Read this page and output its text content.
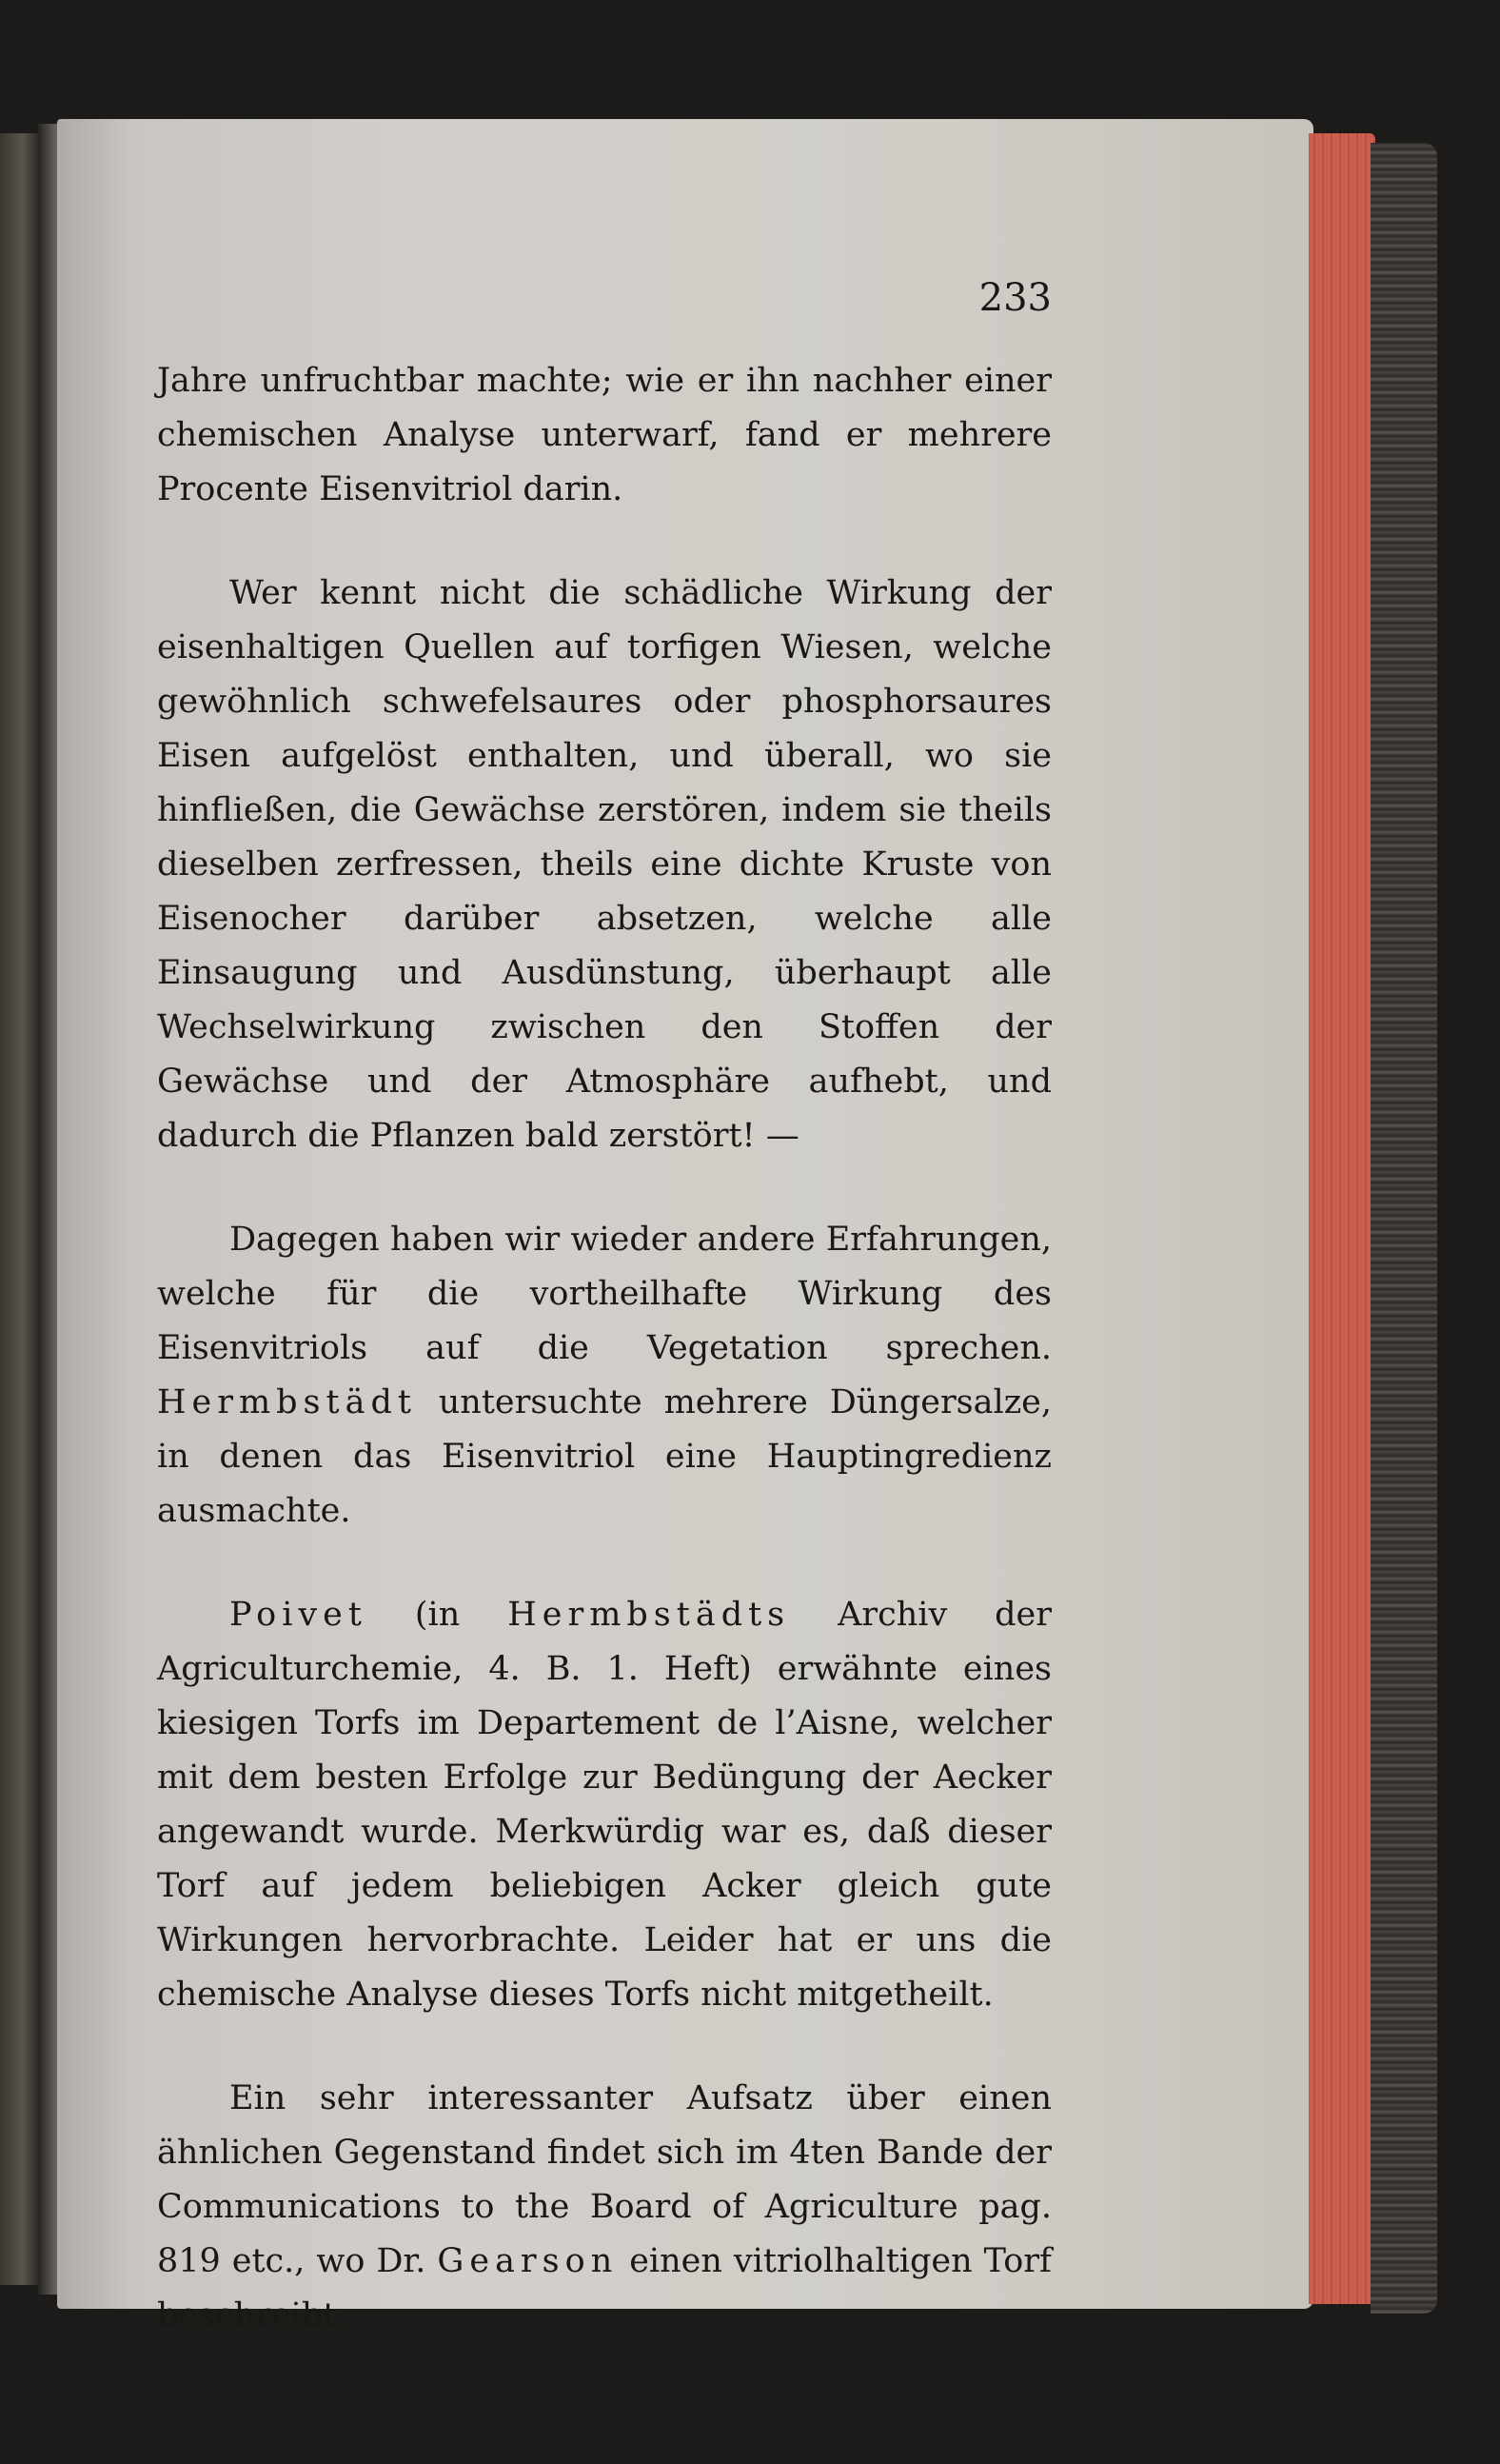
233

Jahre unfruchtbar machte; wie er ihn nachher einer chemischen Analyse unterwarf, fand er mehrere Procente Eisenvitriol darin.

Wer kennt nicht die schädliche Wirkung der eisenhaltigen Quellen auf torfigen Wiesen, welche gewöhnlich schwefelsaures oder phosphorsaures Eisen aufgelöst enthalten, und überall, wo sie hinfließen, die Gewächse zerstören, indem sie theils dieselben zerfressen, theils eine dichte Kruste von Eisenocher darüber absetzen, welche alle Einsaugung und Ausdünstung, überhaupt alle Wechselwirkung zwischen den Stoffen der Gewächse und der Atmosphäre aufhebt, und dadurch die Pflanzen bald zerstört! —

Dagegen haben wir wieder andere Erfahrungen, welche für die vortheilhafte Wirkung des Eisenvitriols auf die Vegetation sprechen. Hermbstädt untersuchte mehrere Düngersalze, in denen das Eisenvitriol eine Hauptingredienz ausmachte.

Poivet (in Hermbstädts Archiv der Agriculturchemie, 4. B. 1. Heft) erwähnte eines kiesigen Torfs im Departement de l’Aisne, welcher mit dem besten Erfolge zur Bedüngung der Aecker angewandt wurde. Merkwürdig war es, daß dieser Torf auf jedem beliebigen Acker gleich gute Wirkungen hervorbrachte. Leider hat er uns die chemische Analyse dieses Torfs nicht mitgetheilt.

Ein sehr interessanter Aufsatz über einen ähnlichen Gegenstand findet sich im 4ten Bande der Communications to the Board of Agriculture pag. 819 etc., wo Dr. Gearson einen vitriolhaltigen Torf beschreibt,
